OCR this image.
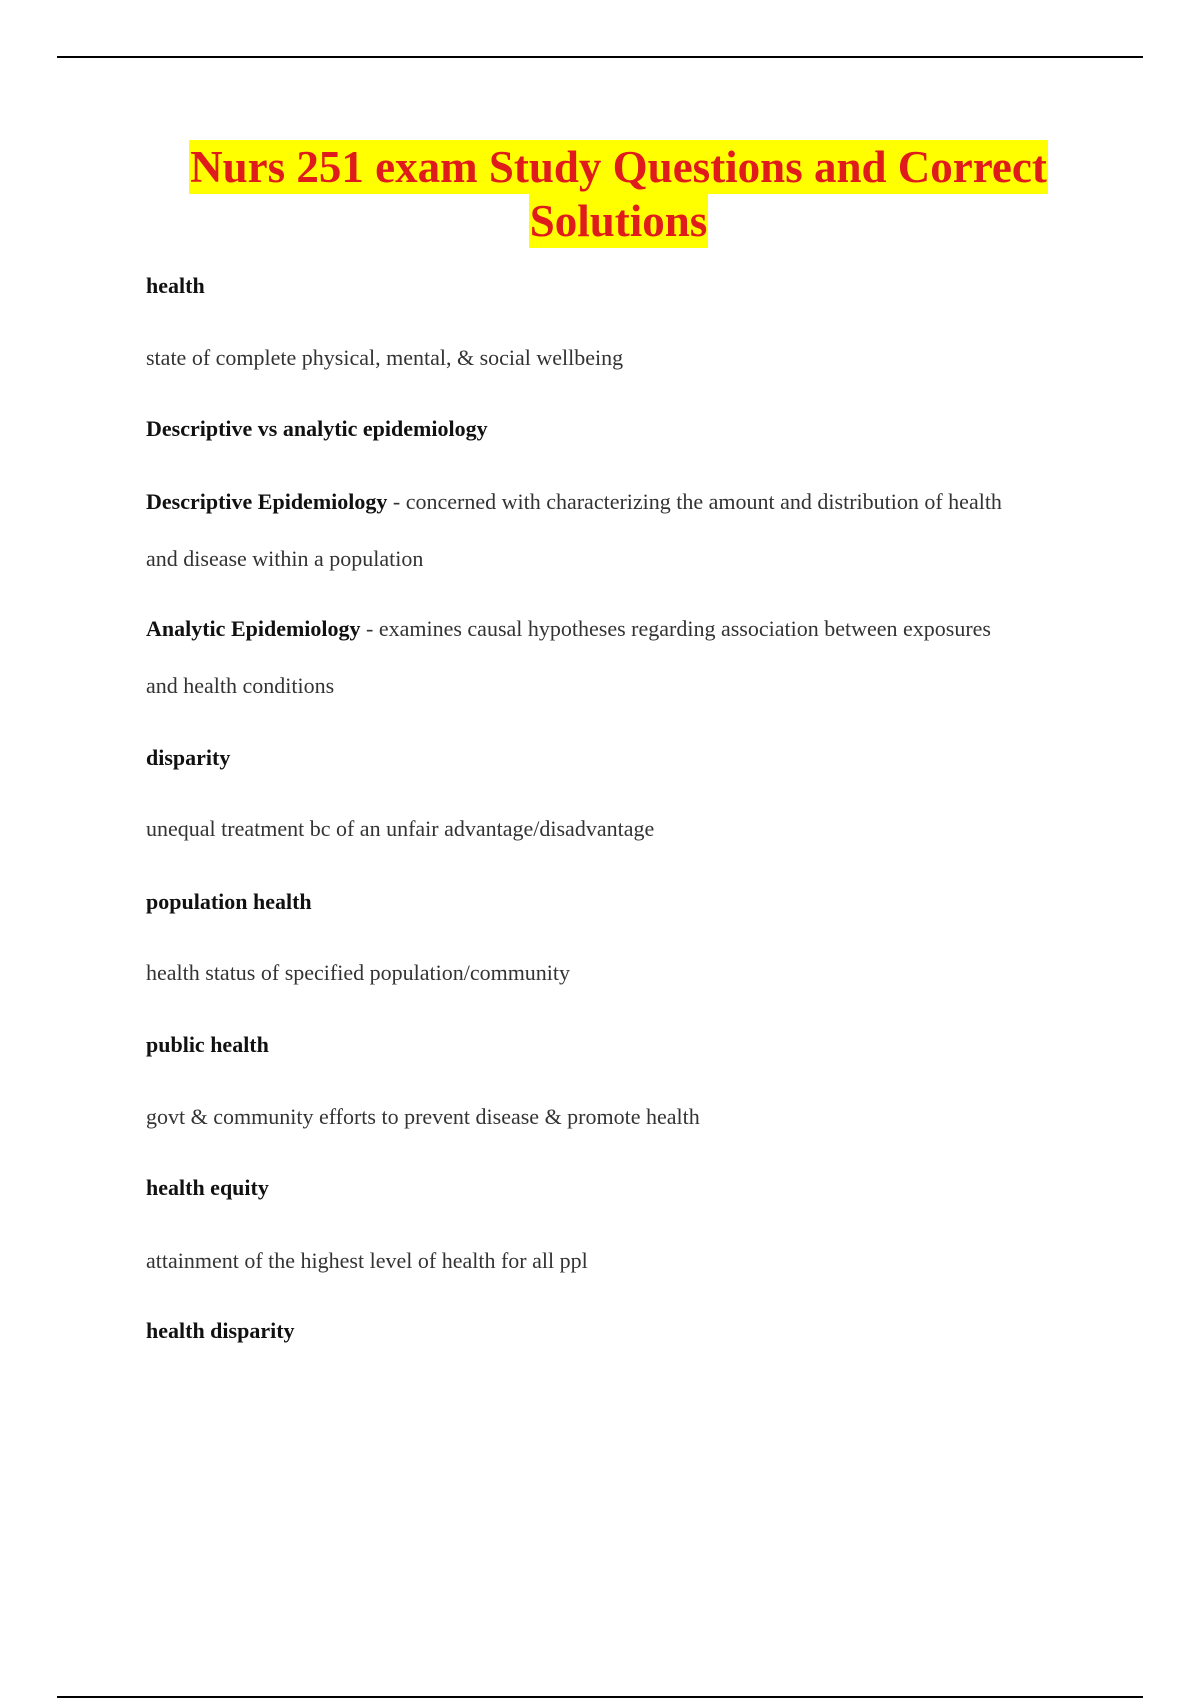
Nurs 251 exam Study Questions and Correct
Solutions
health
state of complete physical, mental, & social wellbeing
Descriptive vs analytic epidemiology
Descriptive Epidemiology - concerned with characterizing the amount and distribution of health
and disease within a population
Analytic Epidemiology - examines causal hypotheses regarding association between exposures
and health conditions
disparity
unequal treatment bc of an unfair advantage/disadvantage
population health
health status of specified population/community
public health
govt & community efforts to prevent disease & promote health
health equity
attainment of the highest level of health for all ppl
health disparity
